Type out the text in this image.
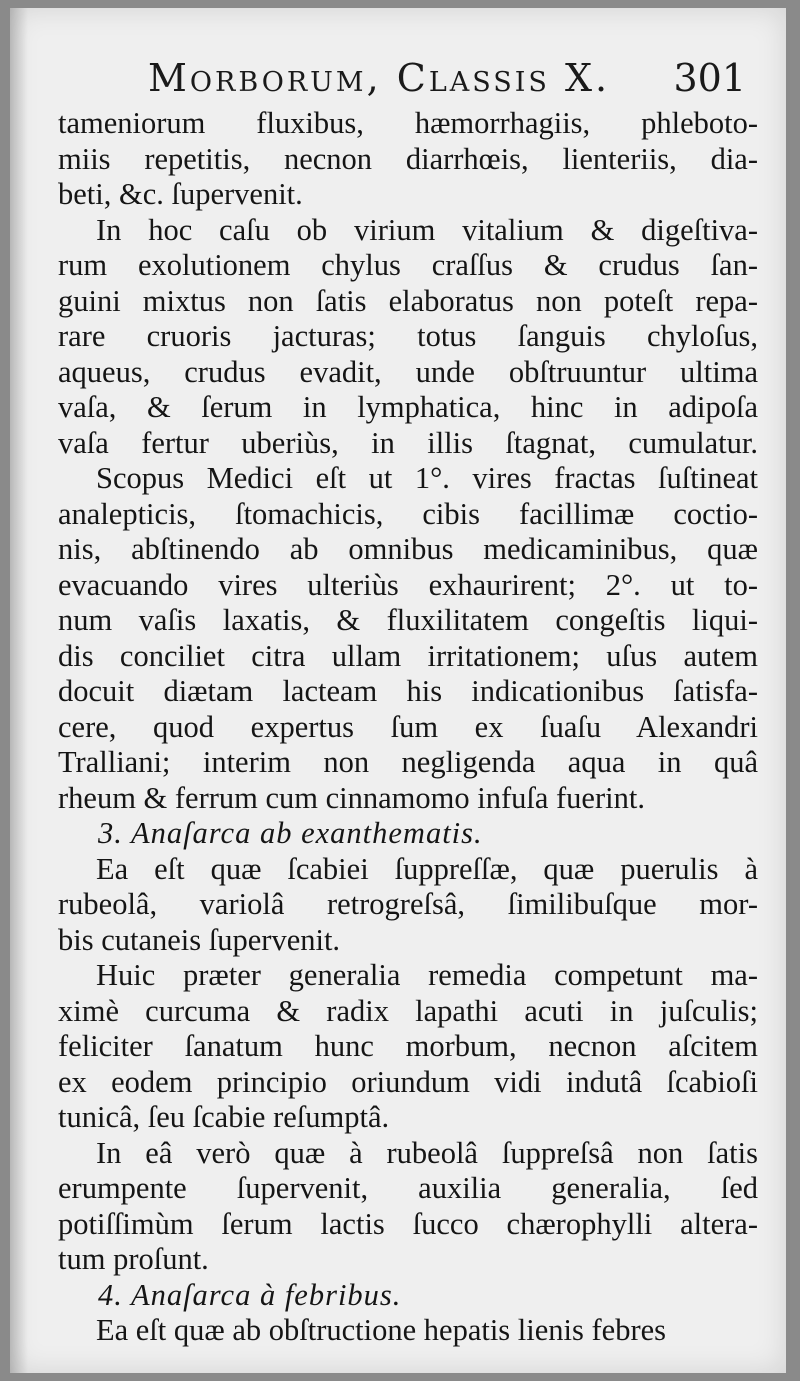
Morborum, Classis X. 301
tameniorum fluxibus, hæmorrhagiis, phleboto-
miis repetitis, necnon diarrhœis, lienteriis, dia-
beti, &c. ſupervenit.
In hoc caſu ob virium vitalium & digeſtiva-
rum exolutionem chylus craſſus & crudus ſan-
guini mixtus non ſatis elaboratus non poteſt repa-
rare cruoris jacturas; totus ſanguis chyloſus,
aqueus, crudus evadit, unde obſtruuntur ultima
vaſa, & ſerum in lymphatica, hinc in adipoſa
vaſa fertur uberiùs, in illis ſtagnat, cumulatur.
Scopus Medici eſt ut 1°. vires fractas ſuſtineat
analepticis, ſtomachicis, cibis facillimæ coctio-
nis, abſtinendo ab omnibus medicaminibus, quæ
evacuando vires ulteriùs exhaurirent; 2°. ut to-
num vaſis laxatis, & fluxilitatem congeſtis liqui-
dis conciliet citra ullam irritationem; uſus autem
docuit diætam lacteam his indicationibus ſatisfa-
cere, quod expertus ſum ex ſuaſu Alexandri
Tralliani; interim non negligenda aqua in quâ
rheum & ferrum cum cinnamomo infuſa fuerint.
3. Anaſarca ab exanthematis.
Ea eſt quæ ſcabiei ſuppreſſæ, quæ puerulis à
rubeolâ, variolâ retrogreſsâ, ſimilibuſque mor-
bis cutaneis ſupervenit.
Huic præter generalia remedia competunt ma-
ximè curcuma & radix lapathi acuti in juſculis;
feliciter ſanatum hunc morbum, necnon aſcitem
ex eodem principio oriundum vidi indutâ ſcabioſi
tunicâ, ſeu ſcabie reſumptâ.
In eâ verò quæ à rubeolâ ſuppreſsâ non ſatis
erumpente ſupervenit, auxilia generalia, ſed
potiſſimùm ſerum lactis ſucco chærophylli altera-
tum proſunt.
4. Anaſarca à febribus.
Ea eſt quæ ab obſtructione hepatis lienis febres
